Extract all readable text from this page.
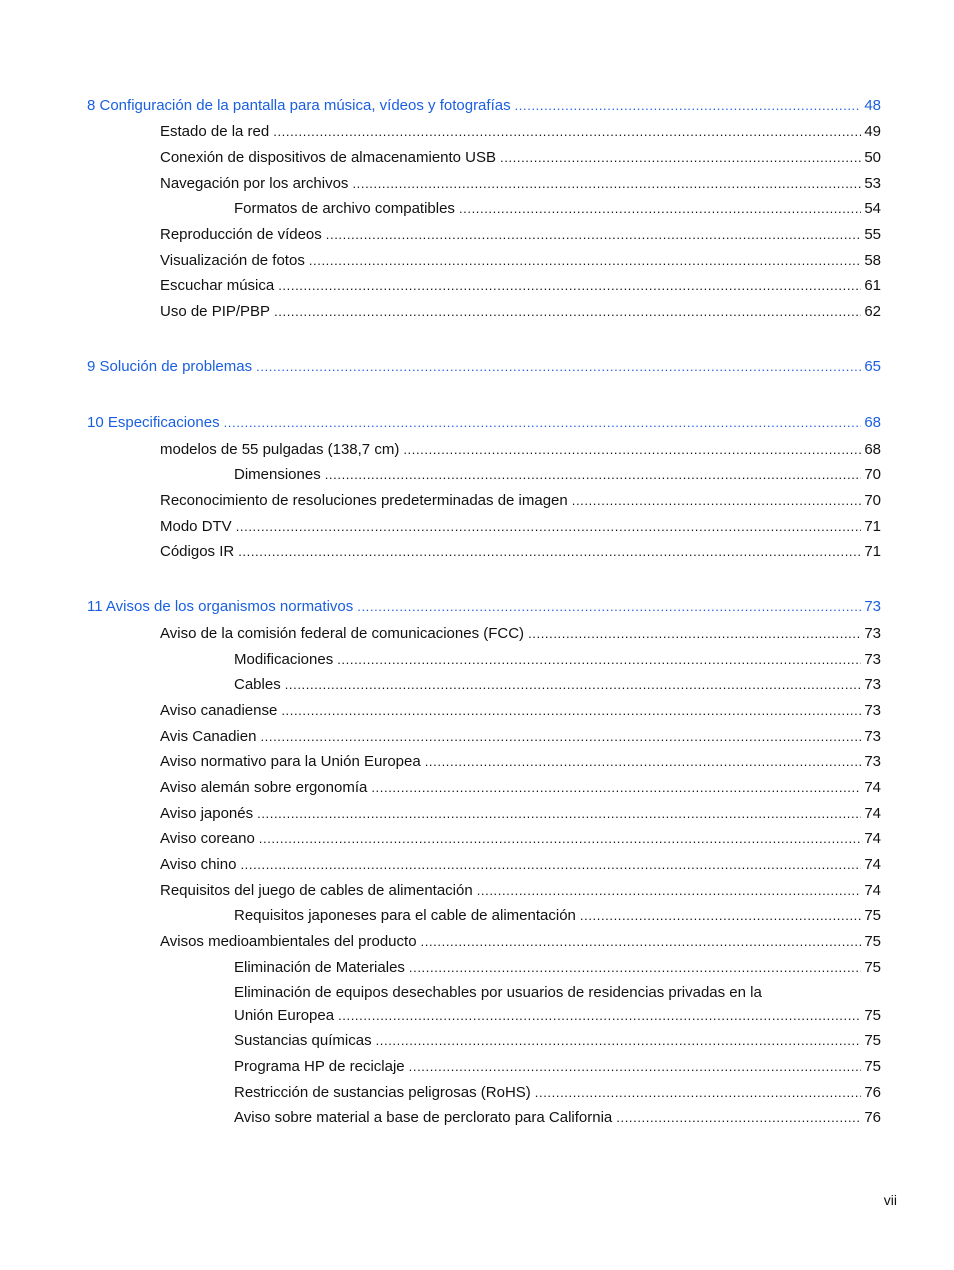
8 Configuración de la pantalla para música, vídeos y fotografías .....	48
Estado de la red .....	49
Conexión de dispositivos de almacenamiento USB .....	50
Navegación por los archivos .....	53
Formatos de archivo compatibles .....	54
Reproducción de vídeos .....	55
Visualización de fotos .....	58
Escuchar música .....	61
Uso de PIP/PBP .....	62
9 Solución de problemas .....	65
10 Especificaciones .....	68
modelos de 55 pulgadas (138,7 cm) .....	68
Dimensiones .....	70
Reconocimiento de resoluciones predeterminadas de imagen .....	70
Modo DTV .....	71
Códigos IR .....	71
11 Avisos de los organismos normativos .....	73
Aviso de la comisión federal de comunicaciones (FCC) .....	73
Modificaciones .....	73
Cables .....	73
Aviso canadiense .....	73
Avis Canadien .....	73
Aviso normativo para la Unión Europea .....	73
Aviso alemán sobre ergonomía .....	74
Aviso japonés .....	74
Aviso coreano .....	74
Aviso chino .....	74
Requisitos del juego de cables de alimentación .....	74
Requisitos japoneses para el cable de alimentación .....	75
Avisos medioambientales del producto .....	75
Eliminación de Materiales .....	75
Eliminación de equipos desechables por usuarios de residencias privadas en la
Unión Europea .....	75
Sustancias químicas .....	75
Programa HP de reciclaje .....	75
Restricción de sustancias peligrosas (RoHS) .....	76
Aviso sobre material a base de perclorato para California .....	76
vii
